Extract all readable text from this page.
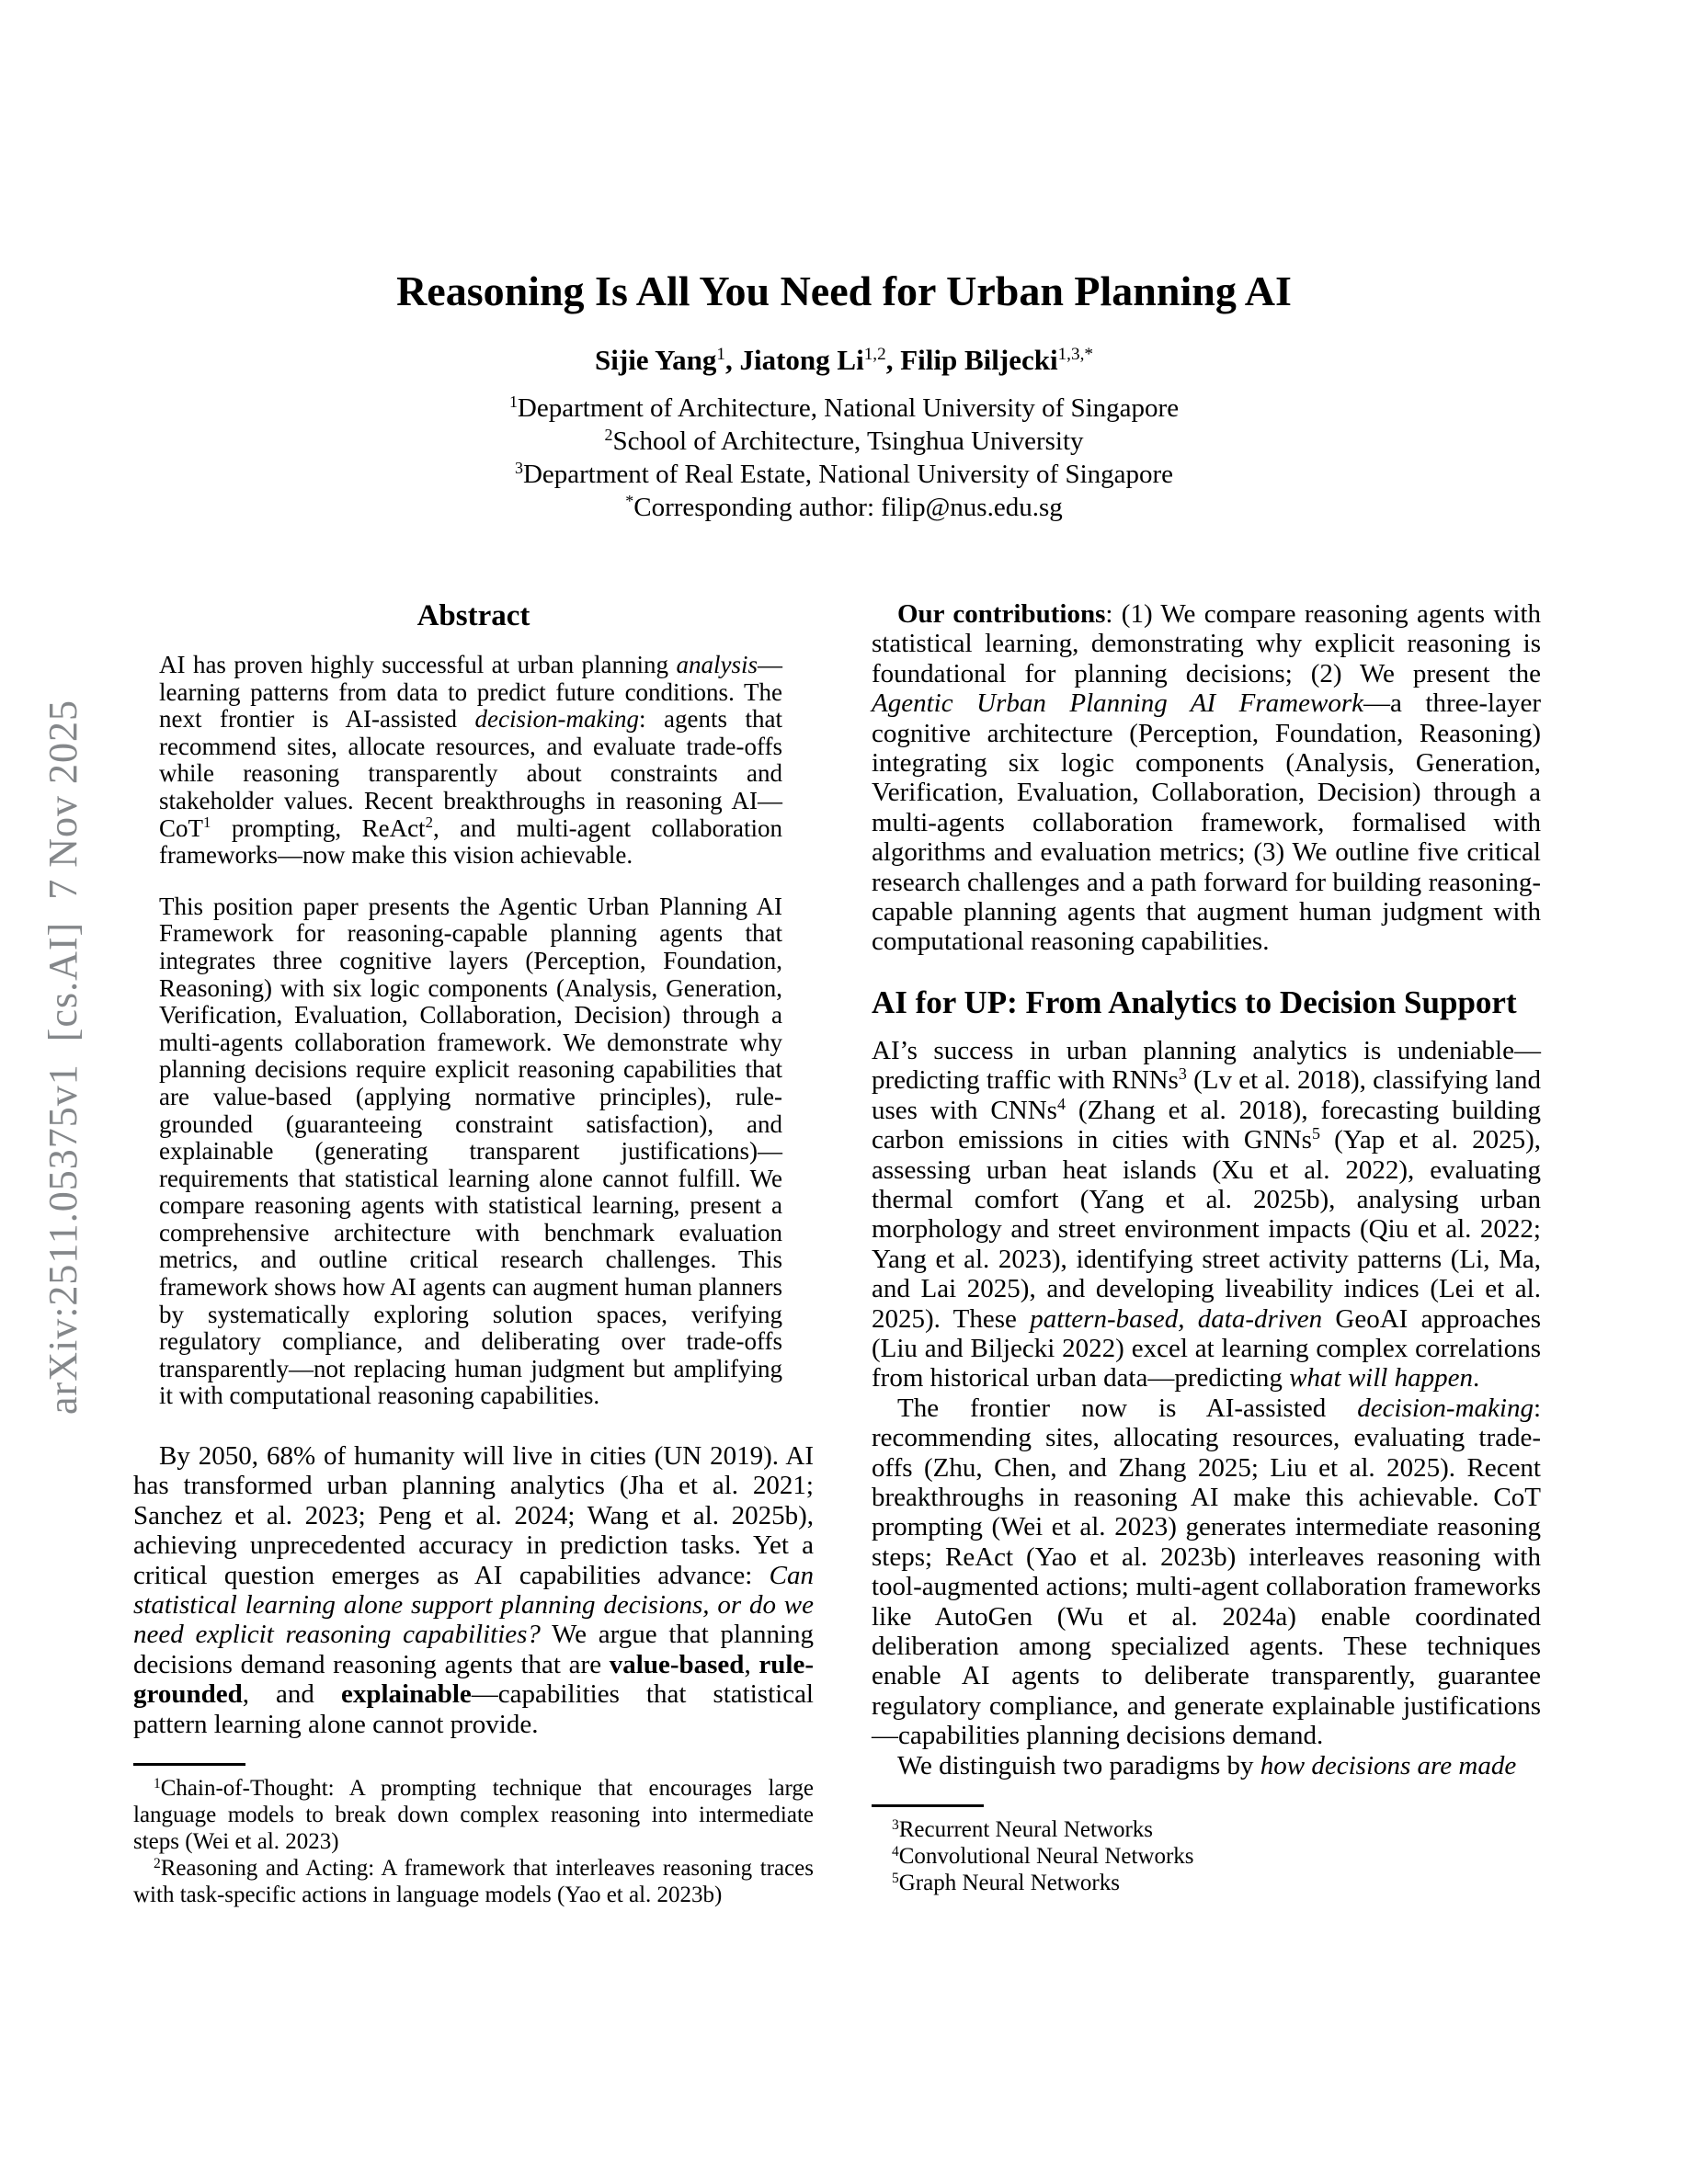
arXiv:2511.05375v1  [cs.AI]  7 Nov 2025
Reasoning Is All You Need for Urban Planning AI
Sijie Yang$^1$, Jiatong Li$^{1,2}$, Filip Biljecki$^{1,3,*}$
$^1$Department of Architecture, National University of Singapore
$^2$School of Architecture, Tsinghua University
$^3$Department of Real Estate, National University of Singapore
*Corresponding author: filip@nus.edu.sg
Abstract

AI has proven highly successful at urban planning analysis—learning patterns from data to predict future conditions. The next frontier is AI-assisted decision-making: agents that recommend sites, allocate resources, and evaluate trade-offs while reasoning transparently about constraints and stakeholder values. Recent breakthroughs in reasoning AI—CoT$^1$ prompting, ReAct$^2$, and multi-agent collaboration frameworks—now make this vision achievable.

This position paper presents the Agentic Urban Planning AI Framework for reasoning-capable planning agents that integrates three cognitive layers (Perception, Foundation, Reasoning) with six logic components (Analysis, Generation, Verification, Evaluation, Collaboration, Decision) through a multi-agents collaboration framework. We demonstrate why planning decisions require explicit reasoning capabilities that are value-based (applying normative principles), rule-grounded (guaranteeing constraint satisfaction), and explainable (generating transparent justifications)—requirements that statistical learning alone cannot fulfill. We compare reasoning agents with statistical learning, present a comprehensive architecture with benchmark evaluation metrics, and outline critical research challenges. This framework shows how AI agents can augment human planners by systematically exploring solution spaces, verifying regulatory compliance, and deliberating over trade-offs transparently—not replacing human judgment but amplifying it with computational reasoning capabilities.

By 2050, 68% of humanity will live in cities (UN 2019). AI has transformed urban planning analytics (Jha et al. 2021; Sanchez et al. 2023; Peng et al. 2024; Wang et al. 2025b), achieving unprecedented accuracy in prediction tasks. Yet a critical question emerges as AI capabilities advance: Can statistical learning alone support planning decisions, or do we need explicit reasoning capabilities? We argue that planning decisions demand reasoning agents that are value-based, rule-grounded, and explainable—capabilities that statistical pattern learning alone cannot provide.

$^1$Chain-of-Thought: A prompting technique that encourages large language models to break down complex reasoning into intermediate steps (Wei et al. 2023)

$^2$Reasoning and Acting: A framework that interleaves reasoning traces with task-specific actions in language models (Yao et al. 2023b)

Our contributions: (1) We compare reasoning agents with statistical learning, demonstrating why explicit reasoning is foundational for planning decisions; (2) We present the Agentic Urban Planning AI Framework—a three-layer cognitive architecture (Perception, Foundation, Reasoning) integrating six logic components (Analysis, Generation, Verification, Evaluation, Collaboration, Decision) through a multi-agents collaboration framework, formalised with algorithms and evaluation metrics; (3) We outline five critical research challenges and a path forward for building reasoning-capable planning agents that augment human judgment with computational reasoning capabilities.

AI for UP: From Analytics to Decision Support

AI’s success in urban planning analytics is undeniable—predicting traffic with RNNs$^3$ (Lv et al. 2018), classifying land uses with CNNs$^4$ (Zhang et al. 2018), forecasting building carbon emissions in cities with GNNs$^5$ (Yap et al. 2025), assessing urban heat islands (Xu et al. 2022), evaluating thermal comfort (Yang et al. 2025b), analysing urban morphology and street environment impacts (Qiu et al. 2022; Yang et al. 2023), identifying street activity patterns (Li, Ma, and Lai 2025), and developing liveability indices (Lei et al. 2025). These pattern-based, data-driven GeoAI approaches (Liu and Biljecki 2022) excel at learning complex correlations from historical urban data—predicting what will happen.

The frontier now is AI-assisted decision-making: recommending sites, allocating resources, evaluating trade-offs (Zhu, Chen, and Zhang 2025; Liu et al. 2025). Recent breakthroughs in reasoning AI make this achievable. CoT prompting (Wei et al. 2023) generates intermediate reasoning steps; ReAct (Yao et al. 2023b) interleaves reasoning with tool-augmented actions; multi-agent collaboration frameworks like AutoGen (Wu et al. 2024a) enable coordinated deliberation among specialized agents. These techniques enable AI agents to deliberate transparently, guarantee regulatory compliance, and generate explainable justifications—capabilities planning decisions demand.

We distinguish two paradigms by how decisions are made

$^3$Recurrent Neural Networks

$^4$Convolutional Neural Networks

$^5$Graph Neural Networks
